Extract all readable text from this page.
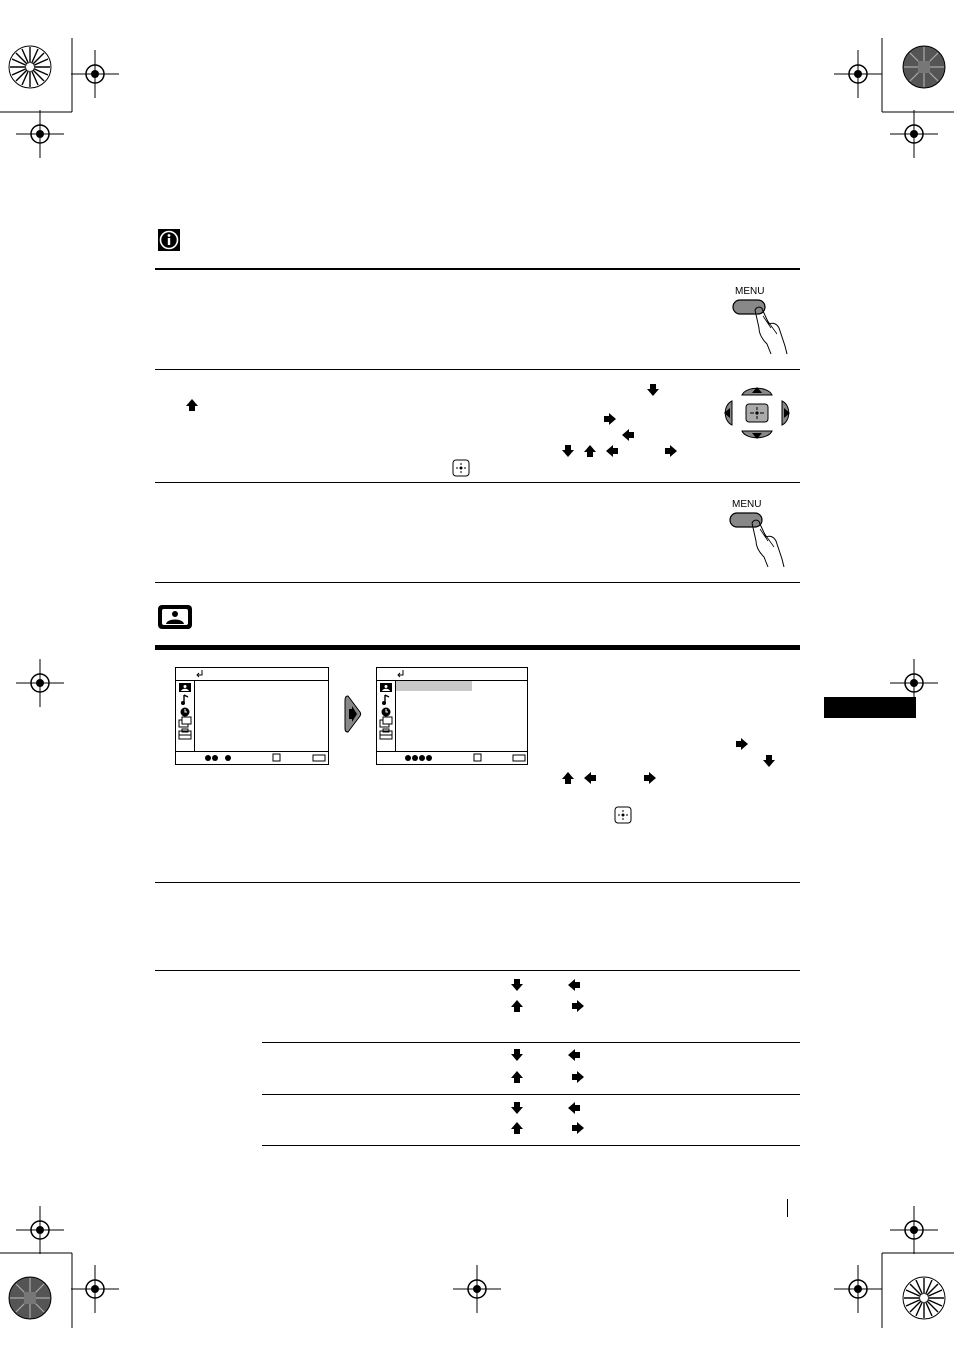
MENU
MENU
